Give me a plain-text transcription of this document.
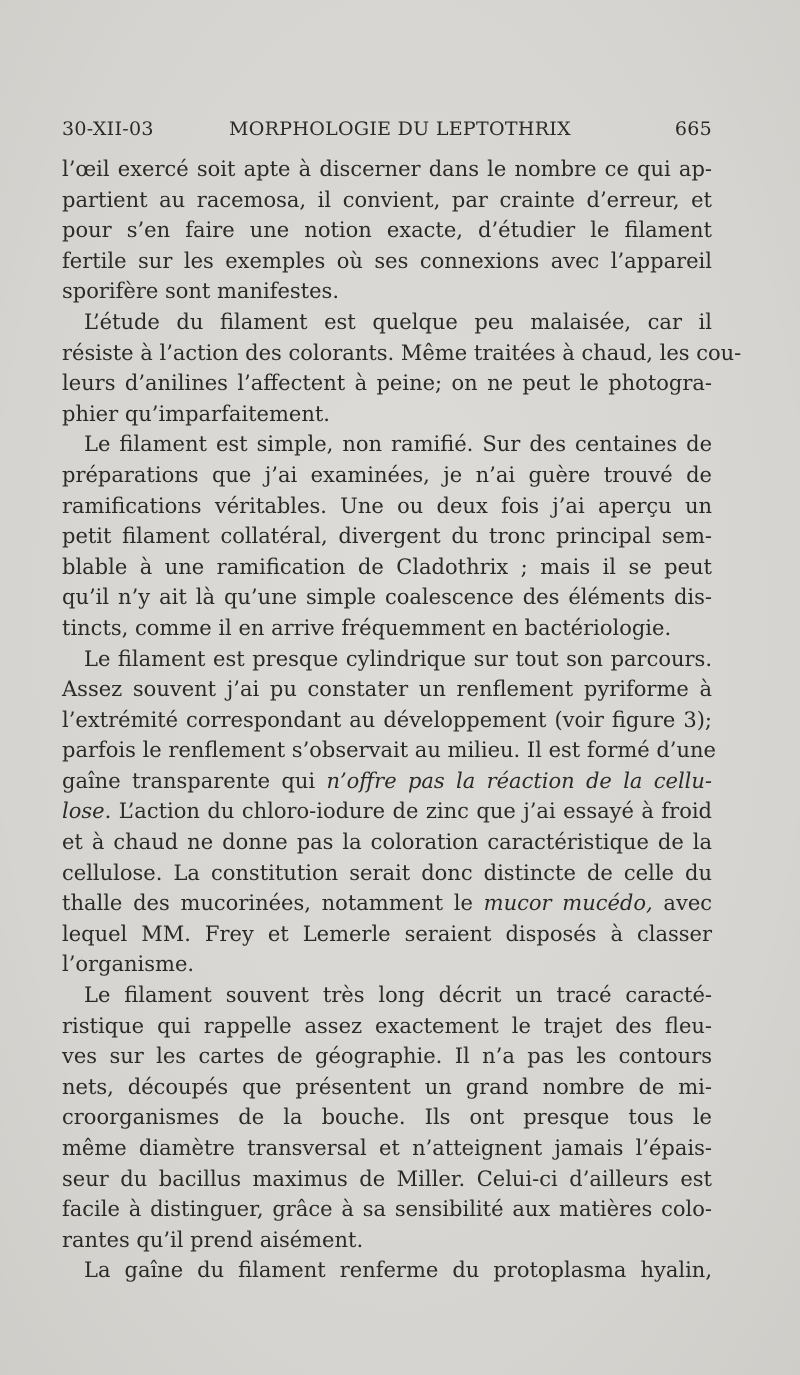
30-XII-03	MORPHOLOGIE DU LEPTOTHRIX	665
l’œil exercé soit apte à discerner dans le nombre ce qui ap-
partient au racemosa, il convient, par crainte d’erreur, et
pour s’en faire une notion exacte, d’étudier le filament
fertile sur les exemples où ses connexions avec l’appareil
sporifère sont manifestes.
L’étude du filament est quelque peu malaisée, car il
résiste à l’action des colorants. Même traitées à chaud, les cou-
leurs d’anilines l’affectent à peine; on ne peut le photogra-
phier qu’imparfaitement.
Le filament est simple, non ramifié. Sur des centaines de
préparations que j’ai examinées, je n’ai guère trouvé de
ramifications véritables. Une ou deux fois j’ai aperçu un
petit filament collatéral, divergent du tronc principal sem-
blable à une ramification de Cladothrix ; mais il se peut
qu’il n’y ait là qu’une simple coalescence des éléments dis-
tincts, comme il en arrive fréquemment en bactériologie.
Le filament est presque cylindrique sur tout son parcours.
Assez souvent j’ai pu constater un renflement pyriforme à
l’extrémité correspondant au développement (voir figure 3);
parfois le renflement s’observait au milieu. Il est formé d’une
gaîne transparente qui n’offre pas la réaction de la cellu-
lose. L’action du chloro-iodure de zinc que j’ai essayé à froid
et à chaud ne donne pas la coloration caractéristique de la
cellulose. La constitution serait donc distincte de celle du
thalle des mucorinées, notamment le mucor mucédo, avec
lequel MM. Frey et Lemerle seraient disposés à classer
l’organisme.
Le filament souvent très long décrit un tracé caracté-
ristique qui rappelle assez exactement le trajet des fleu-
ves sur les cartes de géographie. Il n’a pas les contours
nets, découpés que présentent un grand nombre de mi-
croorganismes de la bouche. Ils ont presque tous le
même diamètre transversal et n’atteignent jamais l’épais-
seur du bacillus maximus de Miller. Celui-ci d’ailleurs est
facile à distinguer, grâce à sa sensibilité aux matières colo-
rantes qu’il prend aisément.
La gaîne du filament renferme du protoplasma hyalin,
